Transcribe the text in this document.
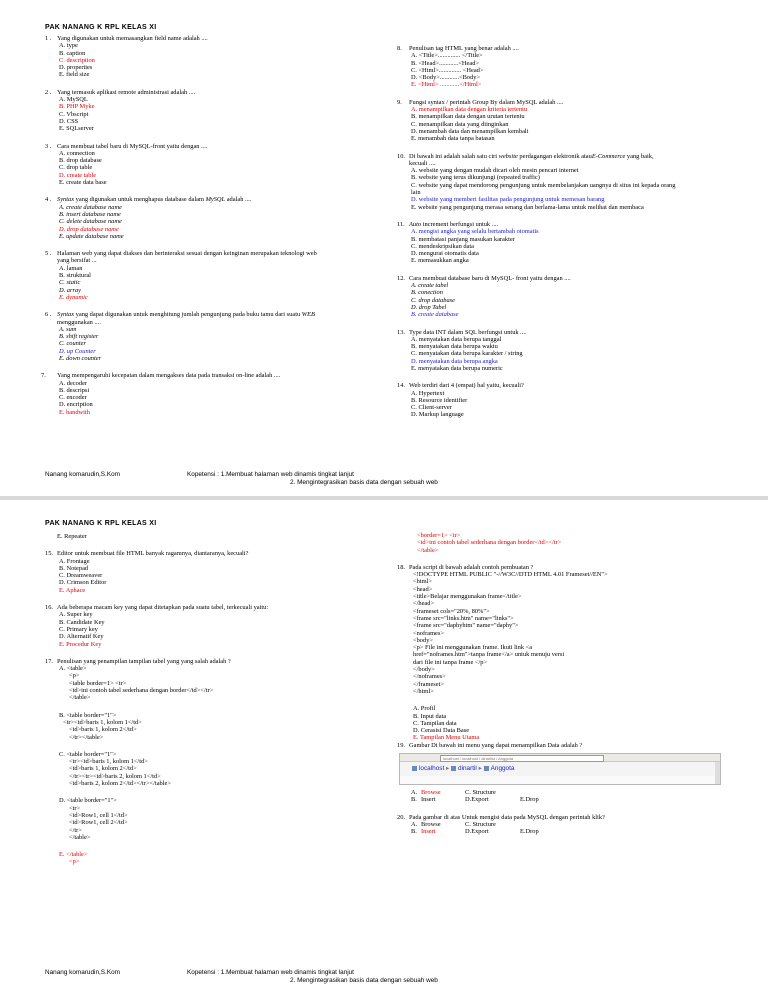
PAK NANANG K RPL KELAS XI
1 . Yang digunakan untuk memasangkan field name adalah ....
A. type
B. caption
C. description
D. properties
E. field size
2 . Yang termasuk aplikasi remote administrasi adalah ....
A. MySQL
B. PHP Myke
C. Vbscript
D. CSS
E. SQLserver
3 . Cara membuat tabel baru di MySQL-front yaitu dengan ....
A. connection
B. drop database
C. drop table
D. create table
E. create data base
4 . Syntax yang digunakan untuk menghapus database dalam MySQL adalah ....
A. create database name
B. insert database name
C. delete database name
D. drop database name
E. update database name
5 . Halaman web yang dapat diakses dan berinteraksi sesuai dengan keinginan merupakan teknologi web
yang bersifat ...
A. laman
B. struktural
C. static
D. array
E. dynamic
6 . Syntax yang dapat digunakan untuk menghitung jumlah pengunjung pada buku tamu dari suatu WEB
menggunakan ....
A. sum
B. shift register
C. counter
D. up Counter
E. down counter
7. Yang mempengaruhi kecepatan dalam mengakses data pada transaksi on-line adalah ....
A. decoder
B. descripsi
C. encoder
D. encription
E. bandwith
8. Penulisan tag HTML yang benar adalah ....
A. <Title>.............. </Title>
B. <Head>............<Head>
C. <Html>.............. <Head>
D. <Body>............<Body>
E. <Html> ............</Html>
9. Fungsi syntax / perintah Group By dalam MySQL adalah ....
A. menampilkan data dengan kriteria tertentu
B. menampilkan data dengan urutan tertentu
C. menampilkan data yang diinginkan
D. menambah data dan menampilkan kembali
E. menambah data tanpa batasan
10. Di bawah ini adalah salah satu ciri website perdagangan elektronik atauE-Commerce yang baik,
kecuali ....
A. website yang dengan mudah dicari oleh mesin pencari internet
B. website yang terus dikunjungi (repeated traffic)
C. website yang dapat mendorong pengunjung untuk membelanjakan uangnya di situs ini kepada orang
lain
D. website yang memberi fasilitas pada pengunjung untuk memesan barang
E. website yang pengunjung merasa senang dan berlama-lama untuk melihat dan membaca
11. Auto increment berfungsi untuk ....
A. mengisi angka yang selalu bertambah otomatis
B. membatasi panjang masukan karakter
C. mendeskripsikan data
D. mengurai otomatis data
E. memasukkan angka
12. Cara membuat database baru di MySQL- front yaitu dengan ....
A. create tabel
B. conection
C. drop database
D. drop Tabel
B. create database
13. Type data INT dalam SQL berfungsi untuk ....
A. menyatakan data berupa tanggal
B. menyatakan data berupa waktu
C. menyatakan data berupa karakter / string
D. menyatakan data berupa angka
E. menyatakan data berupa numeric
14. Web terdiri dari 4 (empat) hal yaitu, kecuali?
A. Hypertext
B. Resource identifier
C. Client-server
D. Markup language
Nanang komarudin,S.Kom	Kopetensi : 1.Membuat halaman web dinamis tingkat lanjut
2. Mengintegrasikan basis data dengan sebuah web
PAK NANANG K RPL KELAS XI
E. Repeater
15. Editor untuk membuat file HTML banyak ragamnya, diantaranya, kecuali?
A. Frontage
B. Notepad
C. Dreamweaver
D. Crimson Editor
E. Aphace
16. Ada beberapa macam key yang dapat ditetapkan pada suatu tabel, terkecuali yaitu:
A. Super key
B. Candidate Key
C. Primary key
D. Alternatif Key
E. Procedur Key
17. Penulisan yang penampilan tampilan tabel yang yang salah adalah ?
A. <table>
<p>
<table border=1> <tr>
<td>ini contoh tabel sederhana dengan border</td></tr>
</table>
B. <table border="1">
<tr><td>baris 1, kolom 1</td>
<td>baris 1, kolom 2</td>
</tr></table>
C. <table border="1">
<tr><td>baris 1, kolom 1</td>
<td>baris 1, kolom 2</td>
</tr><tr><td>baris 2, kolom 1</td>
<td>baris 2, kolom 2</td></tr></table>
D. <table border="1">
<tr>
<td>Row1, cell 1</td>
<td>Row1, cell 2</td>
</tr>
</table>
E. </table>
<p>
<border=1> <tr>
<td>ini contoh tabel sederhana dengan border</td></tr>
</table>
18. Pada script di bawah adalah contoh pembuatan ?
<!DOCTYPE HTML PUBLIC "-//W3C//DTD HTML 4.01 Frameset//EN">
<html>
<head>
<title>Belajar menggunakan frame</title>
</head>
<frameset cols="20%, 80%">
<frame src="links.htm" name="links">
<frame src="daphyhtm" name="daphy">
<noframes>
<body>
<p> File ini menggunakan frame. Ikuti link <a
href="noframes.htm">tanpa frame</a> untuk menuju versi
dari file ini tanpa frame </p>
</body>
</noframes>
</frameset>
</html>
A. Profil
B. Input data
C. Tampilan data
D. Cerasisi Data Base
E. Tampilan Menu Utama
19. Gambar Di bawah ini menu yang dapat menampilkan Data adalah ?
localhost / localhost / dinarlist / Anggota
localhost ▸ dinartil ▸ Anggota
A. Browse	C. Structure
B. Insert	D.Export	E.Drop
20. Pada gambar di atas Untuk mengisi data pada MySQL dengan perintah klik?
A. Browse	C. Structure
B. Insert	D.Export	E.Drop
Nanang komarudin,S.Kom	Kopetensi : 1.Membuat halaman web dinamis tingkat lanjut
2. Mengintegrasikan basis data dengan sebuah web
